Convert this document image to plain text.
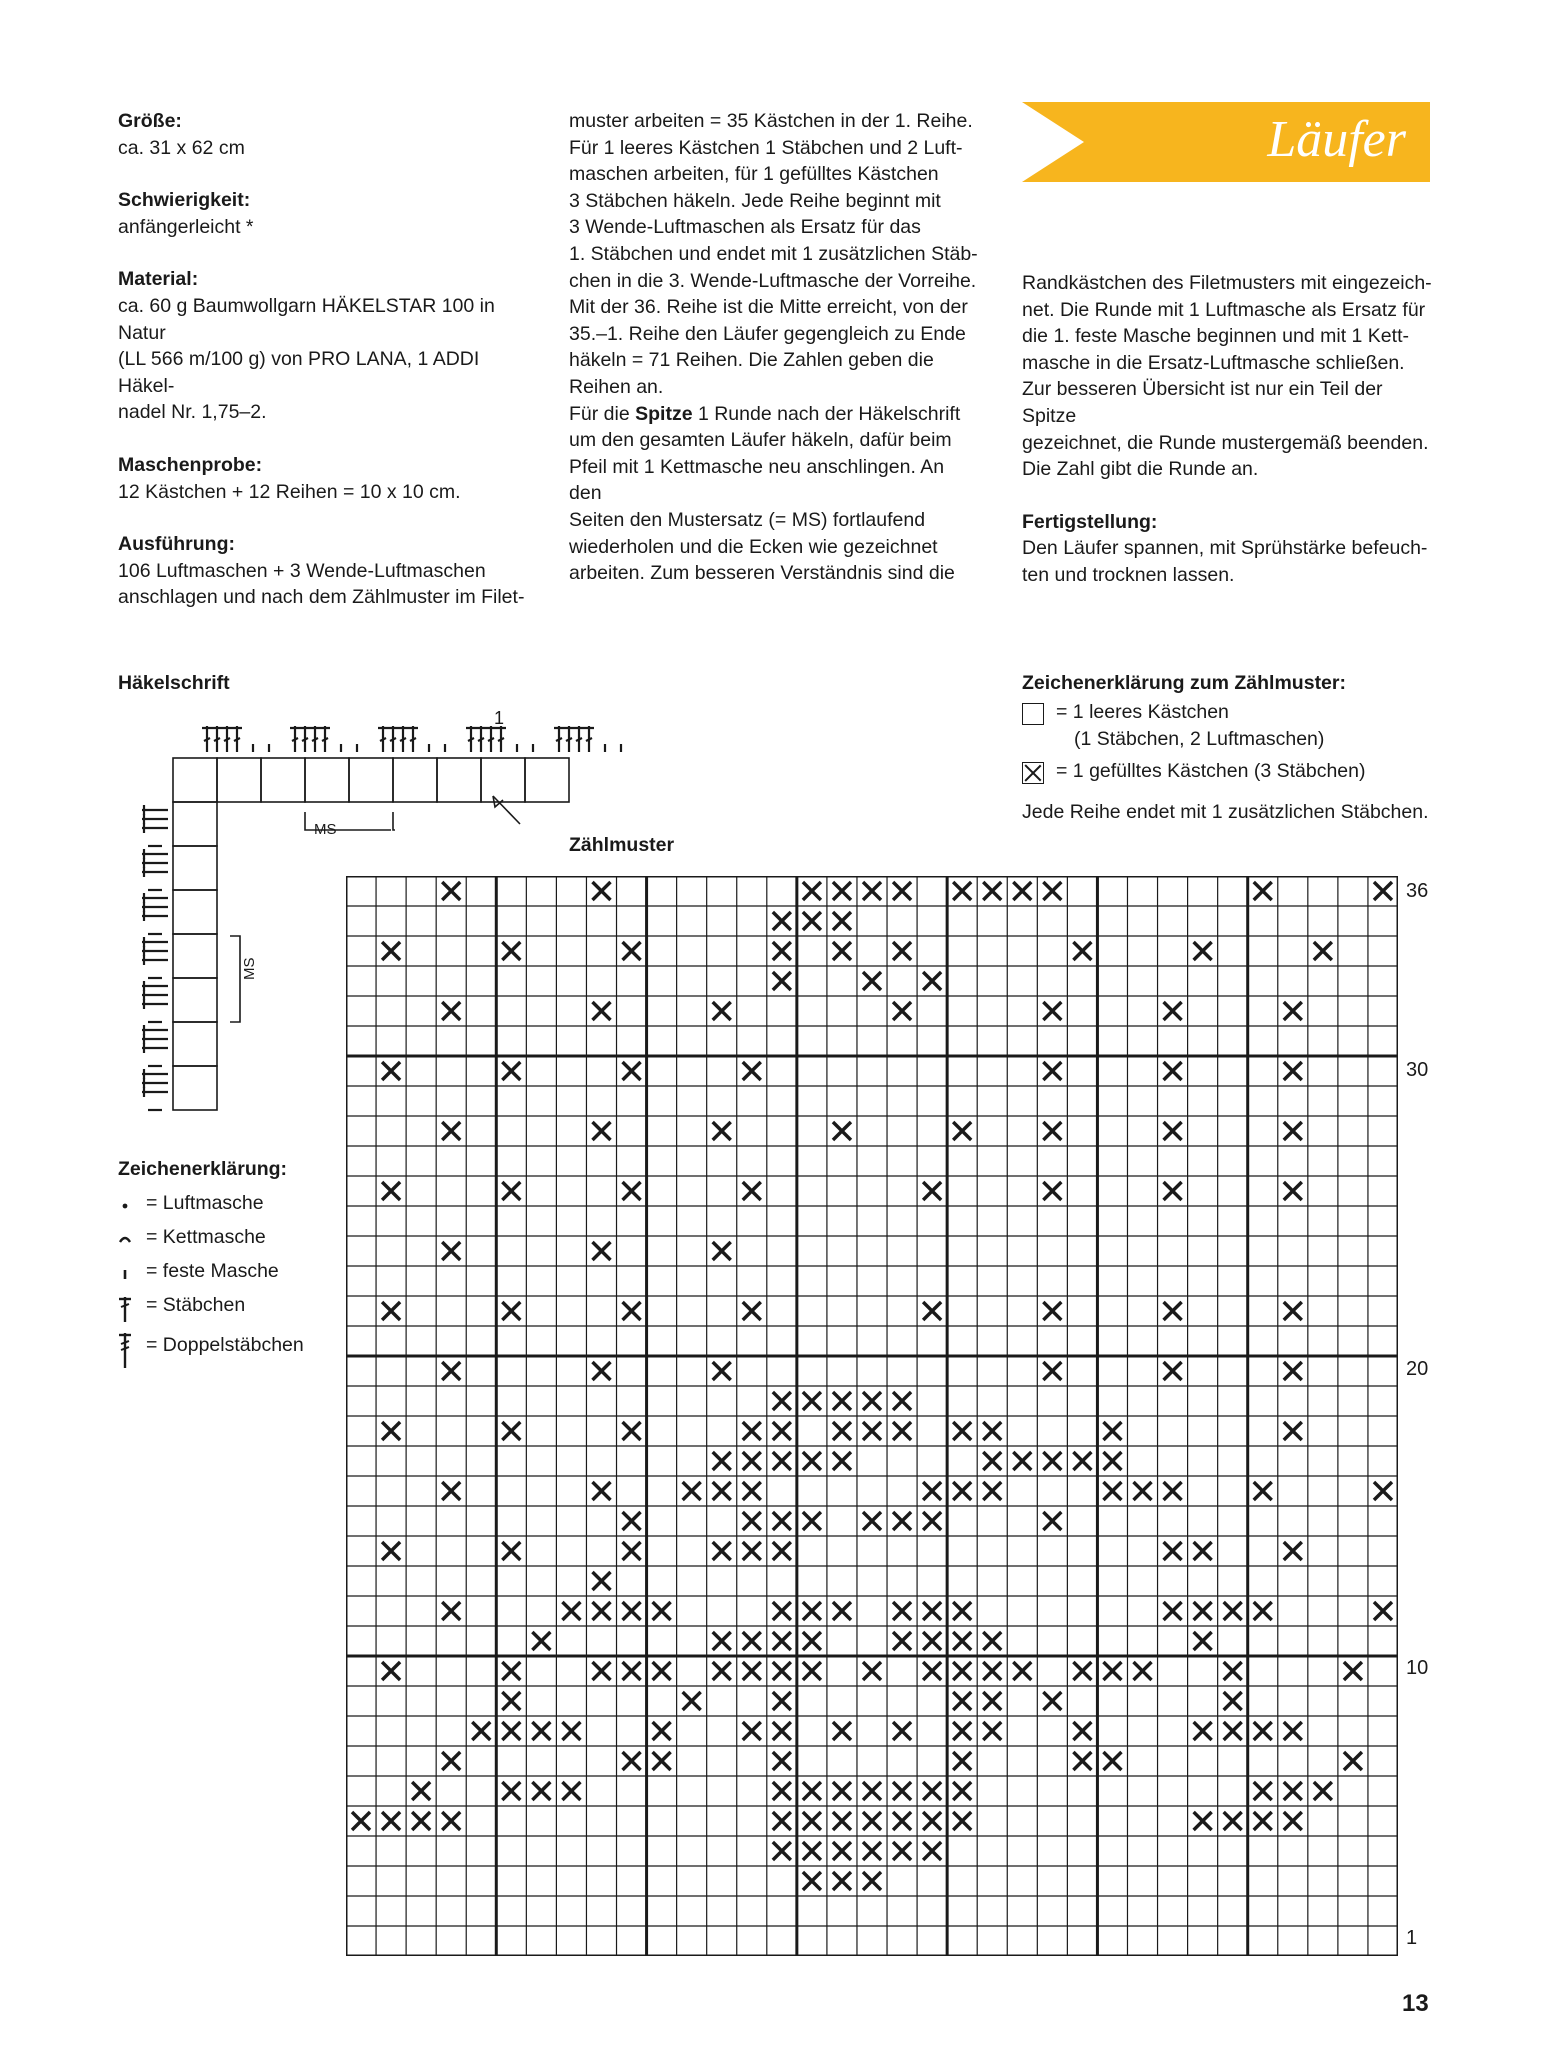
Größe:

ca. 31 x 62 cm

Schwierigkeit:

anfängerleicht *

Material:

ca. 60 g Baumwollgarn HÄKELSTAR 100 in Natur

(LL 566 m/100 g) von PRO LANA, 1 ADDI Häkel-

nadel Nr. 1,75–2.

Maschenprobe:

12 Kästchen + 12 Reihen = 10 x 10 cm.

Ausführung:

106 Luftmaschen + 3 Wende-Luftmaschen

anschlagen und nach dem Zählmuster im Filet-

muster arbeiten = 35 Kästchen in der 1. Reihe.

Für 1 leeres Kästchen 1 Stäbchen und 2 Luft-

maschen arbeiten, für 1 gefülltes Kästchen

3 Stäbchen häkeln. Jede Reihe beginnt mit

3 Wende-Luftmaschen als Ersatz für das

1. Stäbchen und endet mit 1 zusätzlichen Stäb-

chen in die 3. Wende-Luftmasche der Vorreihe.

Mit der 36. Reihe ist die Mitte erreicht, von der

35.–1. Reihe den Läufer gegengleich zu Ende

häkeln = 71 Reihen. Die Zahlen geben die

Reihen an.

Für die Spitze 1 Runde nach der Häkelschrift

um den gesamten Läufer häkeln, dafür beim

Pfeil mit 1 Kettmasche neu anschlingen. An den

Seiten den Mustersatz (= MS) fortlaufend

wiederholen und die Ecken wie gezeichnet

arbeiten. Zum besseren Verständnis sind die

Läufer

Randkästchen des Filetmusters mit eingezeich-

net. Die Runde mit 1 Luftmasche als Ersatz für

die 1. feste Masche beginnen und mit 1 Kett-

masche in die Ersatz-Luftmasche schließen.

Zur besseren Übersicht ist nur ein Teil der Spitze

gezeichnet, die Runde mustergemäß beenden.

Die Zahl gibt die Runde an.

Fertigstellung:

Den Läufer spannen, mit Sprühstärke befeuch-

ten und trocknen lassen.

Häkelschrift
MS
MS
1
Zeichenerklärung zum Zählmuster:
= 1 leeres Kästchen
(1 Stäbchen, 2 Luftmaschen)
= 1 gefülltes Kästchen (3 Stäbchen)
Jede Reihe endet mit 1 zusätzlichen Stäbchen.
Zeichenerklärung:
= Luftmasche
= Kettmasche
= feste Masche
= Stäbchen
= Doppelstäbchen
Zählmuster
36
30
20
10
1
13
